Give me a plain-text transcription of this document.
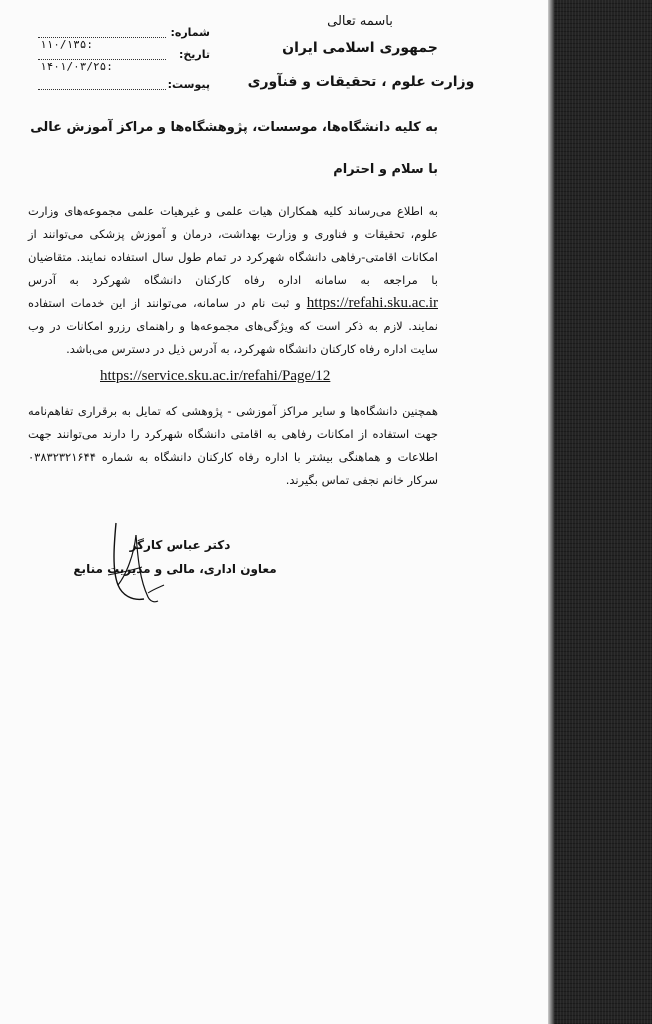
باسمه تعالی
جمهوری اسلامی ایران
وزارت علوم ، تحقیقات و فنآوری
شماره:
۱۱۰/۱۳۵:
تاریخ:
۱۴۰۱/۰۳/۲۵:
پیوست:
به کلیه دانشگاه‌ها، موسسات، پژوهشگاه‌ها و مراکز آموزش عالی
با سلام و احترام
به اطلاع می‌رساند کلیه همکاران هیات علمی و غیرهیات علمی مجموعه‌های وزارت علوم، تحقیقات و فناوری و وزارت بهداشت، درمان و آموزش پزشکی می‌توانند از امکانات اقامتی-رفاهی دانشگاه شهرکرد در تمام طول سال استفاده نمایند. متقاضیان با مراجعه به سامانه اداره رفاه کارکنان دانشگاه شهرکرد به آدرس https://refahi.sku.ac.ir و ثبت نام در سامانه، می‌توانند از این خدمات استفاده نمایند. لازم به ذکر است که ویژگی‌های مجموعه‌ها و راهنمای رزرو امکانات در وب سایت اداره رفاه کارکنان دانشگاه شهرکرد، به آدرس ذیل در دسترس می‌باشد.
https://service.sku.ac.ir/refahi/Page/12
همچنین دانشگاه‌ها و سایر مراکز آموزشی - پژوهشی که تمایل به برقراری تفاهم‌نامه جهت استفاده از امکانات رفاهی به اقامتی دانشگاه شهرکرد را دارند می‌توانند جهت اطلاعات و هماهنگی بیشتر با اداره رفاه کارکنان دانشگاه به شماره ۰۳۸۳۲۳۲۱۶۴۴ سرکار خانم نجفی تماس بگیرند.
دکتر عباس کارگر
معاون اداری، مالی و مدیریت منابع
